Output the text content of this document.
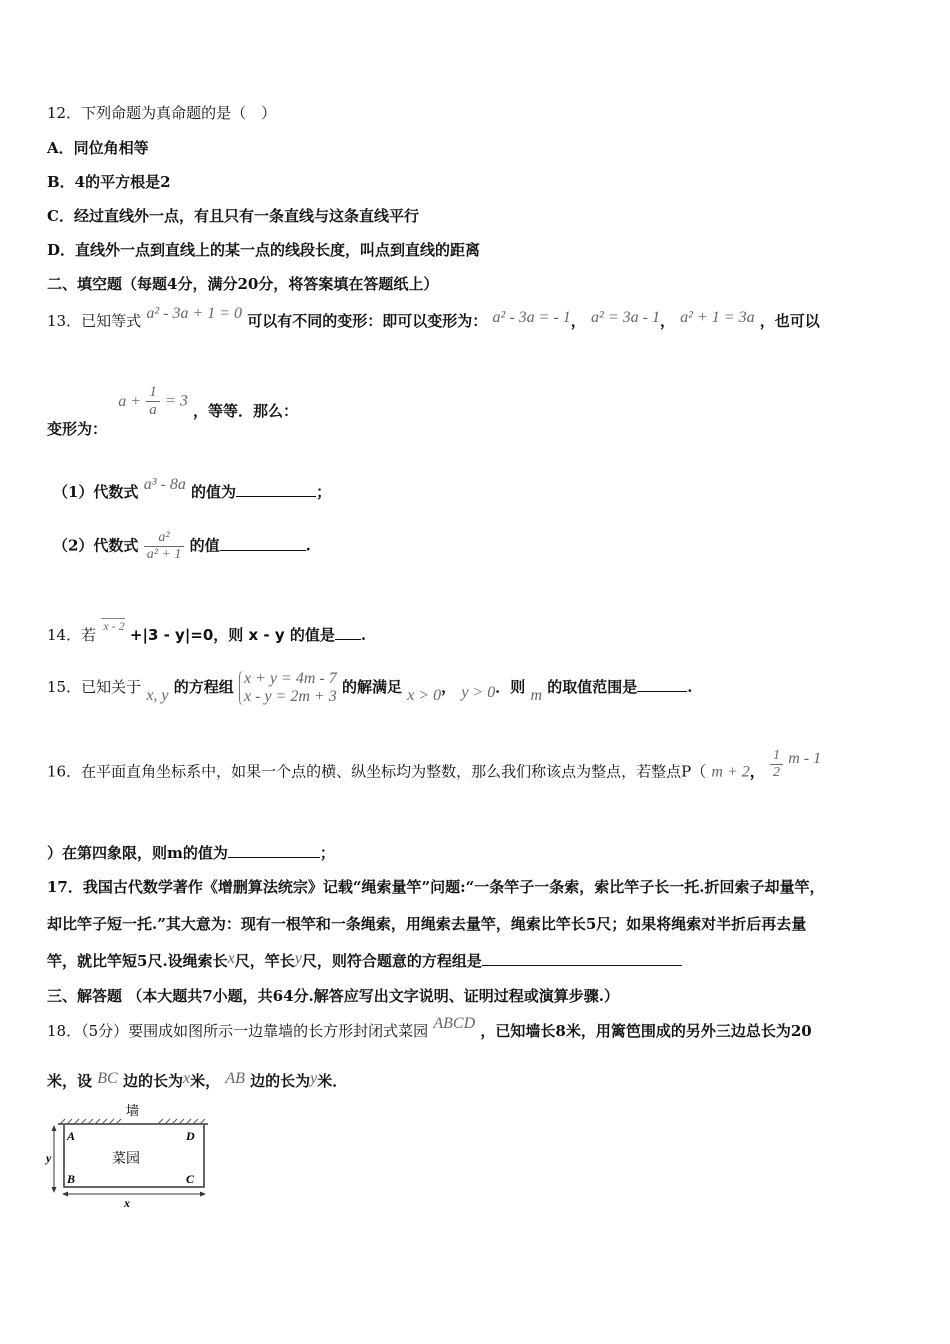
12．下列命题为真命题的是（　）
A．同位角相等
B．4的平方根是2
C．经过直线外一点，有且只有一条直线与这条直线平行
D．直线外一点到直线上的某一点的线段长度，叫点到直线的距离
二、填空题（每题4分，满分20分，将答案填在答题纸上）
13．已知等式 a² - 3a + 1 = 0 可以有不同的变形：即可以变形为： a² - 3a = - 1， a² = 3a - 1， a² + 1 = 3a ，也可以
变形为： $a + \frac{1}{a} = 3$ ，等等．那么：
（1）代数式 a³ - 8a 的值为	；
（2）代数式 $\frac{\text{a²}}{\text{a² + 1}}$ 的值	.
14．若 $^{x - 2}$ +|3 - y|=0，则 x - y 的值是 .
15．已知关于 x, y 的方程组 x + y = 4m - 7
x - y = 2m + 3
的解满足 x > 0， y > 0．则 m 的取值范围是	.
16．在平面直角坐标系中，如果一个点的横、纵坐标均为整数，那么我们称该点为整点，若整点P（ m + 2， $\frac{1}{2}$ m - 1
）在第四象限，则m的值为	；
17．我国古代数学著作《增删算法统宗》记载“绳索量竿”问题:“一条竿子一条索，索比竿子长一托.折回索子却量竿，
却比竿子短一托.”其大意为：现有一根竿和一条绳索，用绳索去量竿，绳索比竿长5尺；如果将绳索对半折后再去量
竿，就比竿短5尺.设绳索长x尺，竿长y尺，则符合题意的方程组是
三、解答题 （本大题共7小题，共64分.解答应写出文字说明、证明过程或演算步骤.）
18．（5分）要围成如图所示一边靠墙的长方形封闭式菜园 ABCD ，已知墙长8米，用篱笆围成的另外三边总长为20
米，设 BC 边的长为x米， AB 边的长为y米．
墙
A	D
B	C
菜园
y
x
